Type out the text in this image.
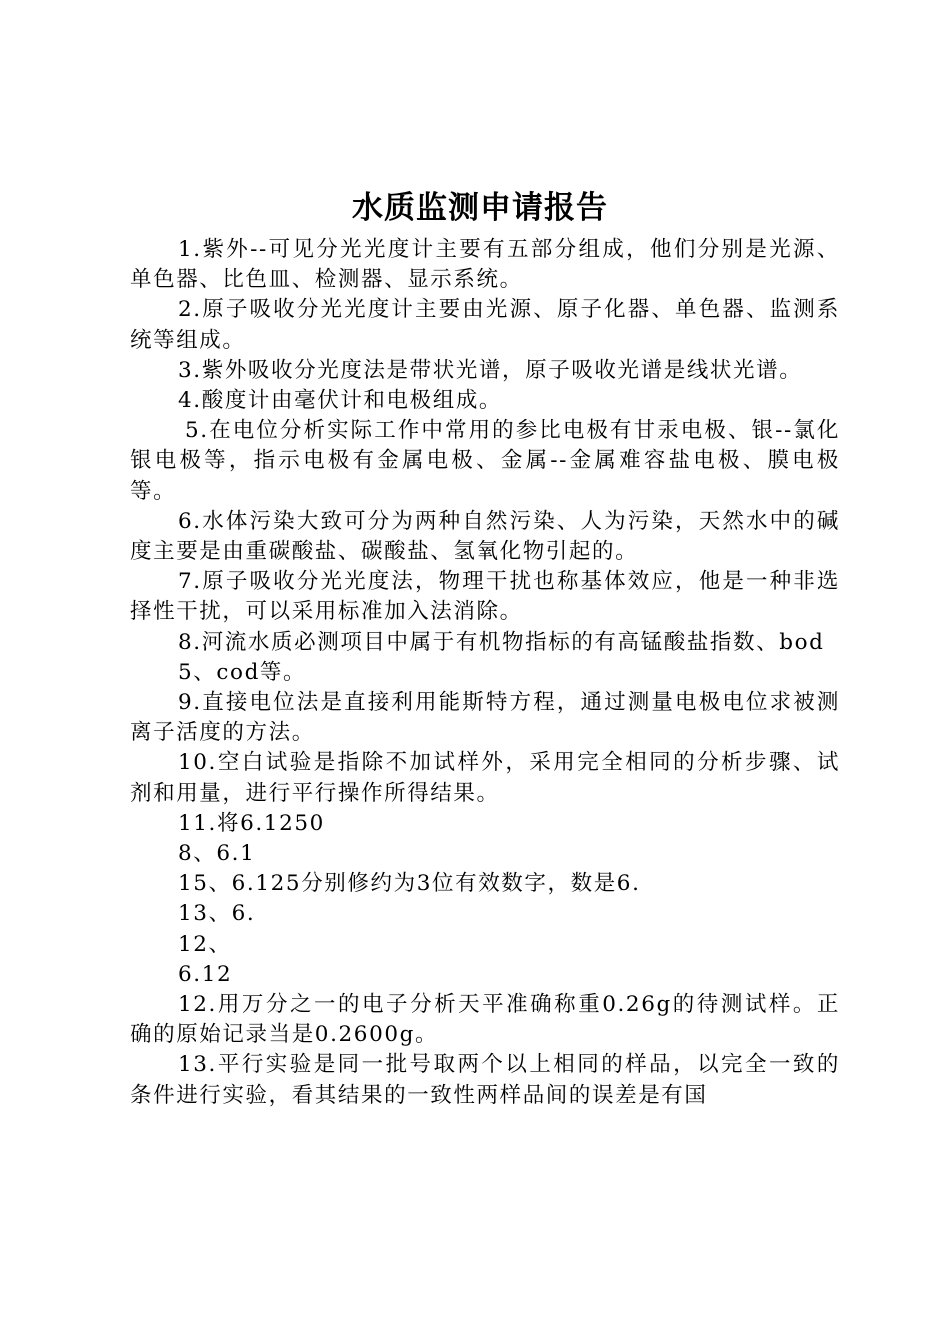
水质监测申请报告

1.紫外--可见分光光度计主要有五部分组成，他们分别是光源、单色器、比色皿、检测器、显示系统。

2.原子吸收分光光度计主要由光源、原子化器、单色器、监测系统等组成。

3.紫外吸收分光度法是带状光谱，原子吸收光谱是线状光谱。

4.酸度计由毫伏计和电极组成。

5.在电位分析实际工作中常用的参比电极有甘汞电极、银--氯化银电极等，指示电极有金属电极、金属--金属难容盐电极、膜电极等。

6.水体污染大致可分为两种自然污染、人为污染，天然水中的碱度主要是由重碳酸盐、碳酸盐、氢氧化物引起的。

7.原子吸收分光光度法，物理干扰也称基体效应，他是一种非选择性干扰，可以采用标准加入法消除。

8.河流水质必测项目中属于有机物指标的有高锰酸盐指数、bod

5、cod等。

9.直接电位法是直接利用能斯特方程，通过测量电极电位求被测离子活度的方法。

10.空白试验是指除不加试样外，采用完全相同的分析步骤、试剂和用量，进行平行操作所得结果。

11.将6.1250

8、6.1

15、6.125分别修约为3位有效数字，数是6.

13、6.

12、

6.12

12.用万分之一的电子分析天平准确称重0.26g的待测试样。正确的原始记录当是0.2600g。

13.平行实验是同一批号取两个以上相同的样品，以完全一致的条件进行实验，看其结果的一致性两样品间的误差是有国
